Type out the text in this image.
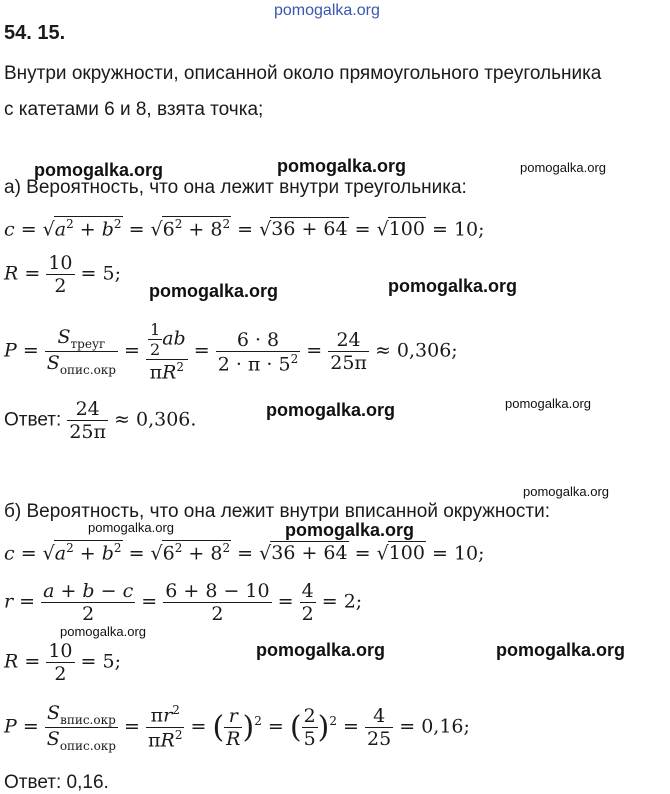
pomogalka.org
pomogalka.org	pomogalka.org	pomogalka.org
pomogalka.org	pomogalka.org
pomogalka.org	pomogalka.org
pomogalka.org
pomogalka.org	pomogalka.org
pomogalka.org
pomogalka.org	pomogalka.org
54. 15.
Внутри окружности, описанной около прямоугольного треугольника
с катетами 6 и 8, взята точка;
а) Вероятность, что она лежит внутри треугольника:
$c = √a^2 + b^2 = √6^2 + 8^2 = √36 + 64 = √100 = 10$;
$R = \frac{10}{2} = 5$;
$P = \frac{S_{треуг}}{S_{опис.окр}} = \frac{\frac{1}{2} ab}{\pi R^2} = \frac{6 \cdot 8}{2 \cdot \pi \cdot 5^2} = \frac{24}{25\pi} \approx 0,306$;
Ответ: $\frac{24}{25\pi} \approx 0,306$.
б) Вероятность, что она лежит внутри вписанной окружности:
$c = √a^2 + b^2 = √6^2 + 8^2 = √36 + 64 = √100 = 10$;
$r = \frac{a + b - c}{2} = \frac{6 + 8 - 10}{2} = \frac{4}{2} = 2$;
$R = \frac{10}{2} = 5$;
$P = \frac{S_{впис.окр}}{S_{опис.окр}} = \frac{\pi r^2}{\pi R^2}$ = ( $\frac{r}{R} )^2$ = ( $\frac{2}{5} )^2 = \frac{4}{25} = 0,16$;
Ответ: 0,16.
